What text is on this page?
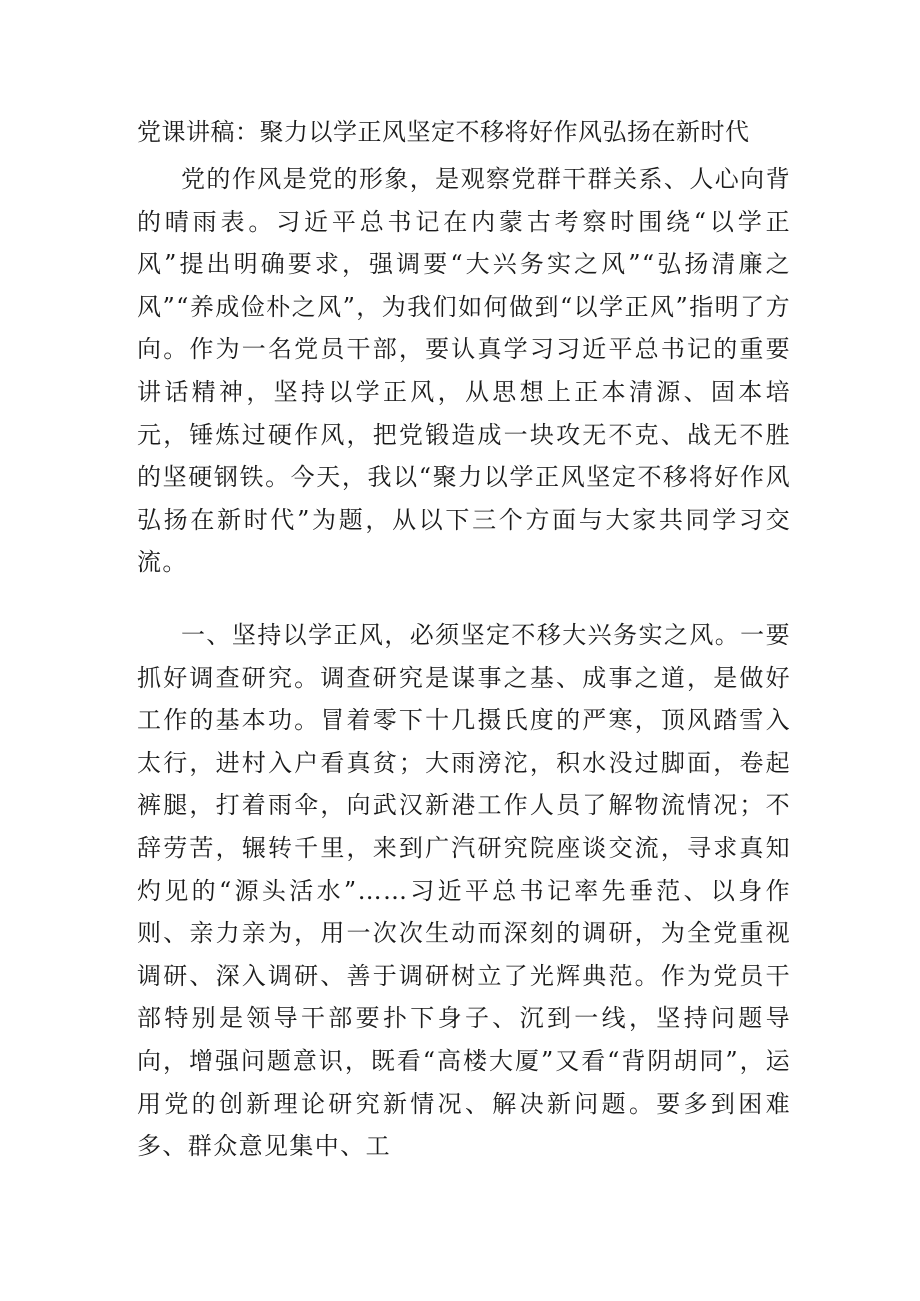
党课讲稿：聚力以学正风坚定不移将好作风弘扬在新时代
党的作风是党的形象，是观察党群干群关系、人心向背的晴雨表。习近平总书记在内蒙古考察时围绕“以学正风”提出明确要求，强调要“大兴务实之风”“弘扬清廉之风”“养成俭朴之风”，为我们如何做到“以学正风”指明了方向。作为一名党员干部，要认真学习习近平总书记的重要讲话精神，坚持以学正风，从思想上正本清源、固本培元，锤炼过硬作风，把党锻造成一块攻无不克、战无不胜的坚硬钢铁。今天，我以“聚力以学正风坚定不移将好作风弘扬在新时代”为题，从以下三个方面与大家共同学习交流。
一、坚持以学正风，必须坚定不移大兴务实之风。一要抓好调查研究。调查研究是谋事之基、成事之道，是做好工作的基本功。冒着零下十几摄氏度的严寒，顶风踏雪入太行，进村入户看真贫；大雨滂沱，积水没过脚面，卷起裤腿，打着雨伞，向武汉新港工作人员了解物流情况；不辞劳苦，辗转千里，来到广汽研究院座谈交流，寻求真知灼见的“源头活水”……习近平总书记率先垂范、以身作则、亲力亲为，用一次次生动而深刻的调研，为全党重视调研、深入调研、善于调研树立了光辉典范。作为党员干部特别是领导干部要扑下身子、沉到一线，坚持问题导向，增强问题意识，既看“高楼大厦”又看“背阴胡同”，运用党的创新理论研究新情况、解决新问题。要多到困难多、群众意见集中、工
